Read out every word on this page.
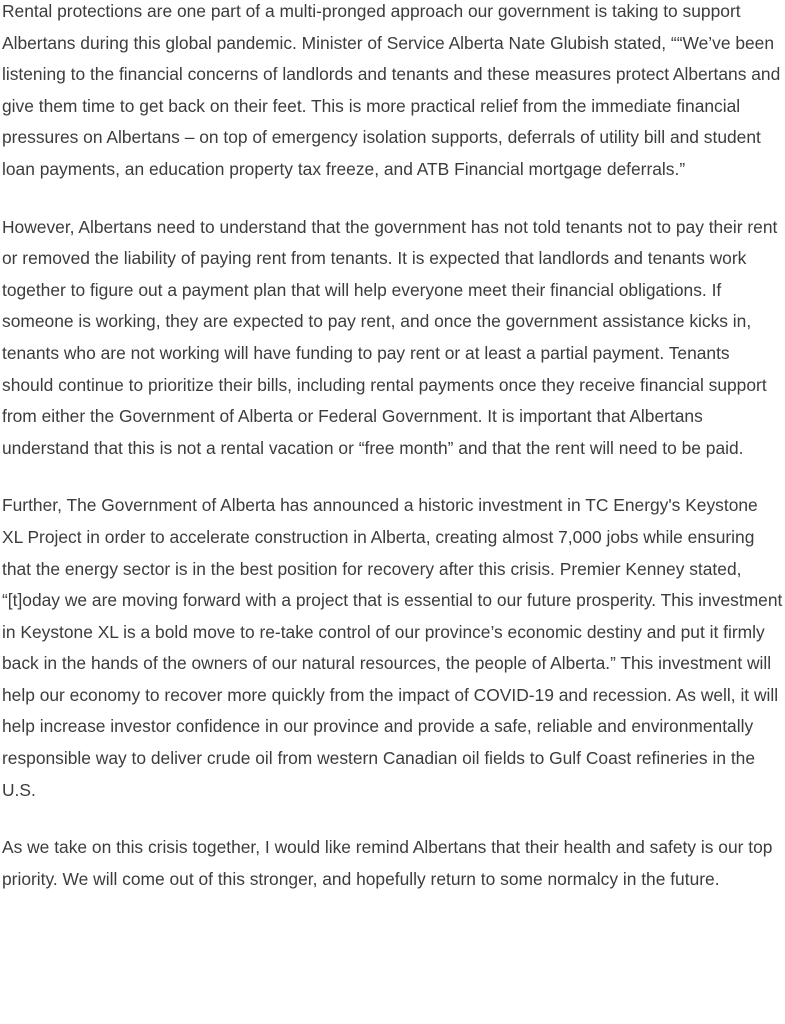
Rental protections are one part of a multi-pronged approach our government is taking to support Albertans during this global pandemic. Minister of Service Alberta Nate Glubish stated, ““We’ve been listening to the financial concerns of landlords and tenants and these measures protect Albertans and give them time to get back on their feet. This is more practical relief from the immediate financial pressures on Albertans – on top of emergency isolation supports, deferrals of utility bill and student loan payments, an education property tax freeze, and ATB Financial mortgage deferrals.”

However, Albertans need to understand that the government has not told tenants not to pay their rent or removed the liability of paying rent from tenants. It is expected that landlords and tenants work together to figure out a payment plan that will help everyone meet their financial obligations. If someone is working, they are expected to pay rent, and once the government assistance kicks in, tenants who are not working will have funding to pay rent or at least a partial payment. Tenants should continue to prioritize their bills, including rental payments once they receive financial support from either the Government of Alberta or Federal Government. It is important that Albertans understand that this is not a rental vacation or “free month” and that the rent will need to be paid.

Further, The Government of Alberta has announced a historic investment in TC Energy's Keystone XL Project in order to accelerate construction in Alberta, creating almost 7,000 jobs while ensuring that the energy sector is in the best position for recovery after this crisis. Premier Kenney stated, “[t]oday we are moving forward with a project that is essential to our future prosperity. This investment in Keystone XL is a bold move to re-take control of our province’s economic destiny and put it firmly back in the hands of the owners of our natural resources, the people of Alberta.” This investment will help our economy to recover more quickly from the impact of COVID-19 and recession. As well, it will help increase investor confidence in our province and provide a safe, reliable and environmentally responsible way to deliver crude oil from western Canadian oil fields to Gulf Coast refineries in the U.S.

As we take on this crisis together, I would like remind Albertans that their health and safety is our top priority. We will come out of this stronger, and hopefully return to some normalcy in the future.
